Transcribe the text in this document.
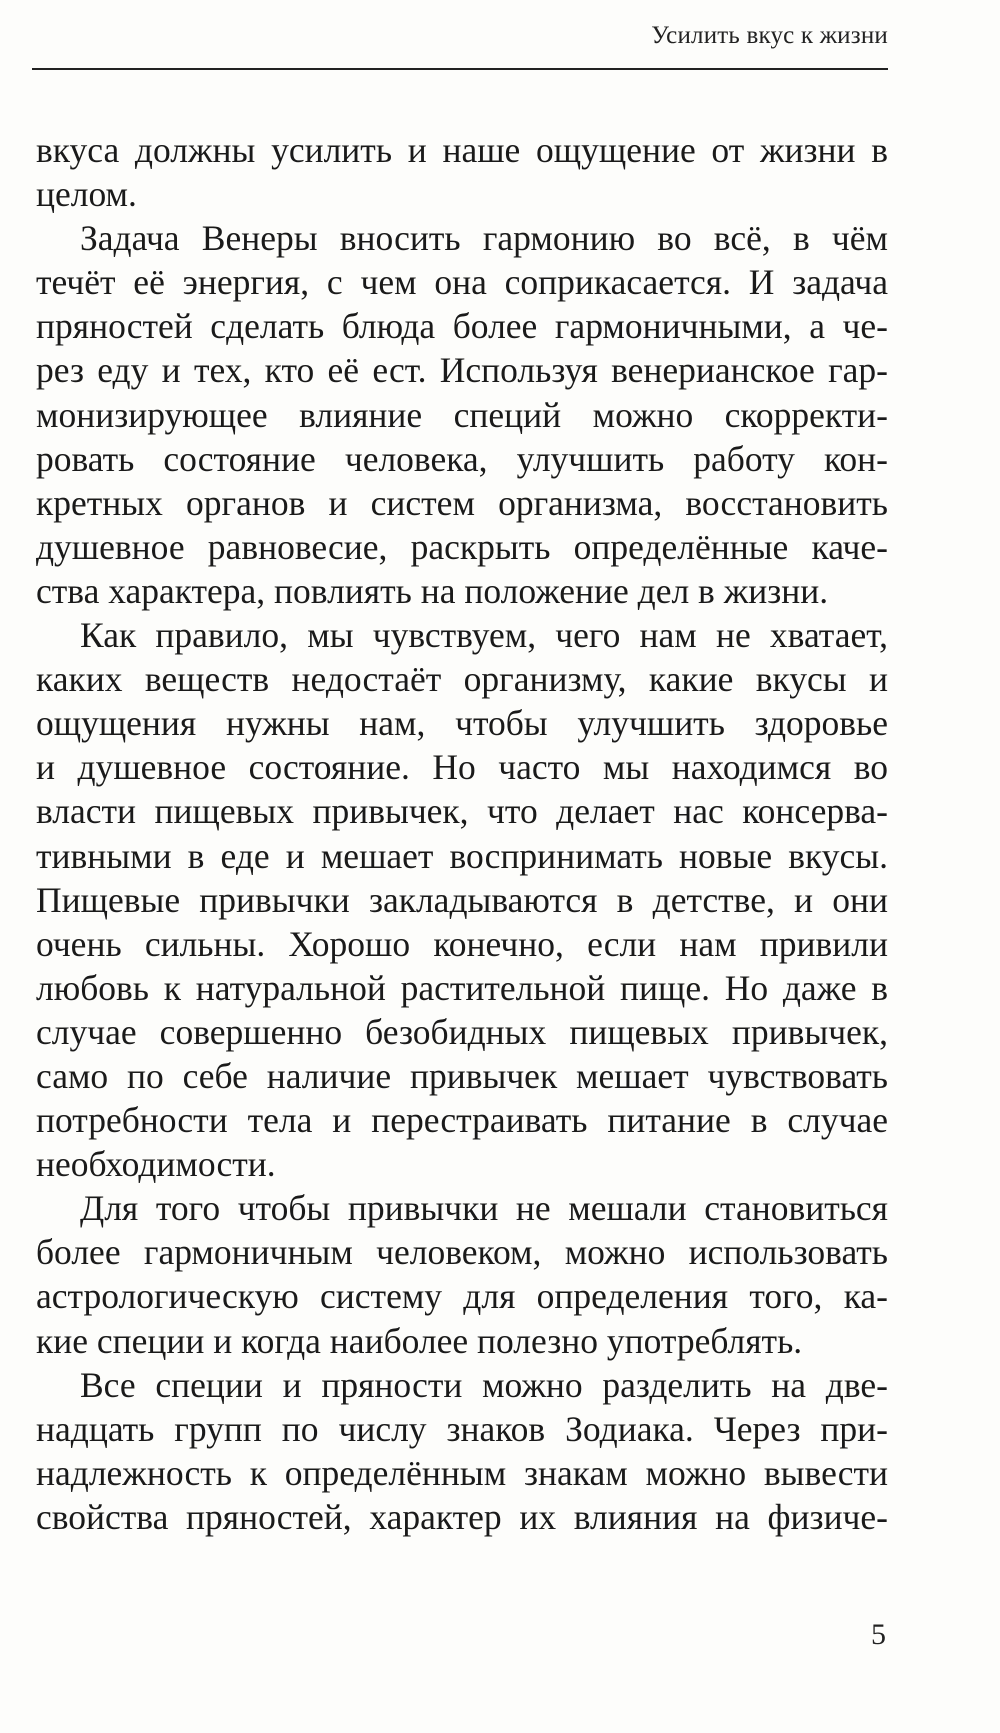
Усилить вкус к жизни
вкуса должны усилить и наше ощущение от жизни в
целом.
Задача Венеры вносить гармонию во всё, в чём
течёт её энергия, с чем она соприкасается. И задача
пряностей сделать блюда более гармоничными, а че-
рез еду и тех, кто её ест. Используя венерианское гар-
монизирующее влияние специй можно скорректи-
ровать состояние человека, улучшить работу кон-
кретных органов и систем организма, восстановить
душевное равновесие, раскрыть определённые каче-
ства характера, повлиять на положение дел в жизни.
Как правило, мы чувствуем, чего нам не хватает,
каких веществ недостаёт организму, какие вкусы и
ощущения нужны нам, чтобы улучшить здоровье
и душевное состояние. Но часто мы находимся во
власти пищевых привычек, что делает нас консерва-
тивными в еде и мешает воспринимать новые вкусы.
Пищевые привычки закладываются в детстве, и они
очень сильны. Хорошо конечно, если нам привили
любовь к натуральной растительной пище. Но даже в
случае совершенно безобидных пищевых привычек,
само по себе наличие привычек мешает чувствовать
потребности тела и перестраивать питание в случае
необходимости.
Для того чтобы привычки не мешали становиться
более гармоничным человеком, можно использовать
астрологическую систему для определения того, ка-
кие специи и когда наиболее полезно употреблять.
Все специи и пряности можно разделить на две-
надцать групп по числу знаков Зодиака. Через при-
надлежность к определённым знакам можно вывести
свойства пряностей, характер их влияния на физиче-
5
